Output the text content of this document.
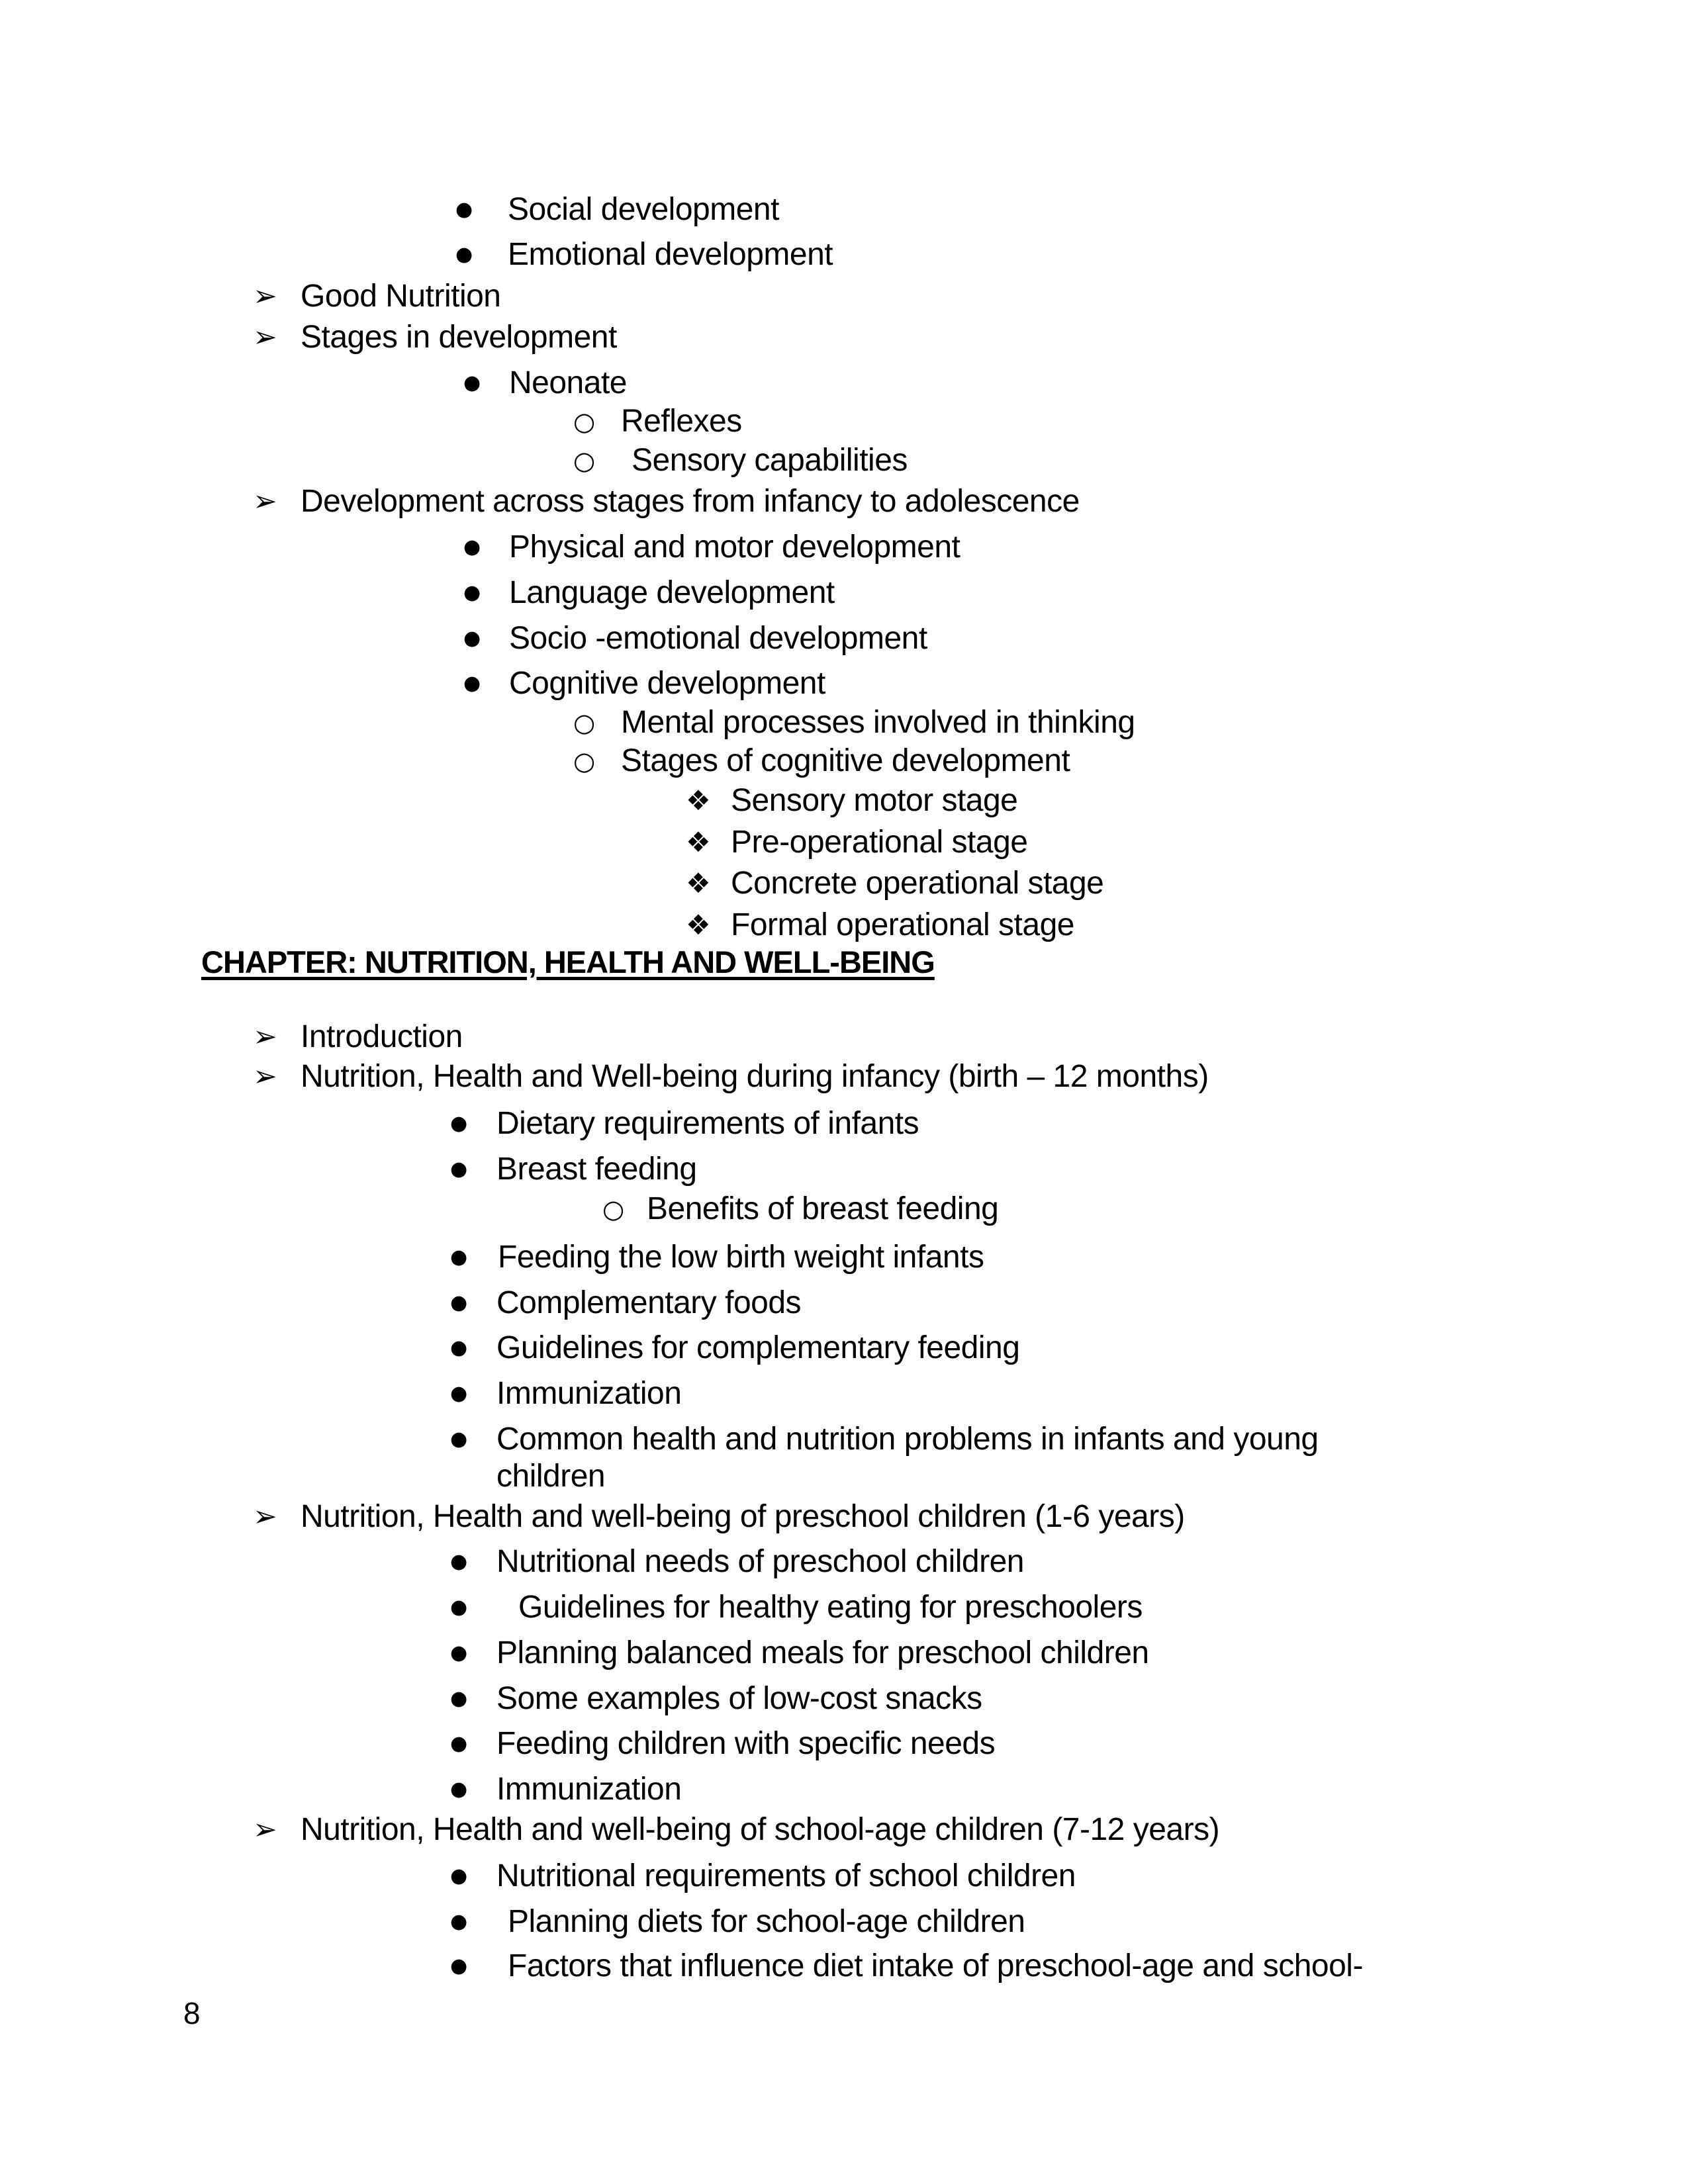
●
Social development
●
Emotional development
➢
Good Nutrition
➢
Stages in development
●
Neonate
○
Reflexes
○
Sensory capabilities
➢
Development across stages from infancy to adolescence
●
Physical and motor development
●
Language development
●
Socio -emotional development
●
Cognitive development
○
Mental processes involved in thinking
○
Stages of cognitive development
❖
Sensory motor stage
❖
Pre-operational stage
❖
Concrete operational stage
❖
Formal operational stage
CHAPTER: NUTRITION, HEALTH AND WELL-BEING
➢
Introduction
➢
Nutrition, Health and Well-being during infancy (birth – 12 months)
●
Dietary requirements of infants
●
Breast feeding
○
Benefits of breast feeding
●
Feeding the low birth weight infants
●
Complementary foods
●
Guidelines for complementary feeding
●
Immunization
●
Common health and nutrition problems in infants and young
children
➢
Nutrition, Health and well-being of preschool children (1-6 years)
●
Nutritional needs of preschool children
●
Guidelines for healthy eating for preschoolers
●
Planning balanced meals for preschool children
●
Some examples of low-cost snacks
●
Feeding children with specific needs
●
Immunization
➢
Nutrition, Health and well-being of school-age children (7-12 years)
●
Nutritional requirements of school children
●
Planning diets for school-age children
●
Factors that influence diet intake of preschool-age and school-
8
